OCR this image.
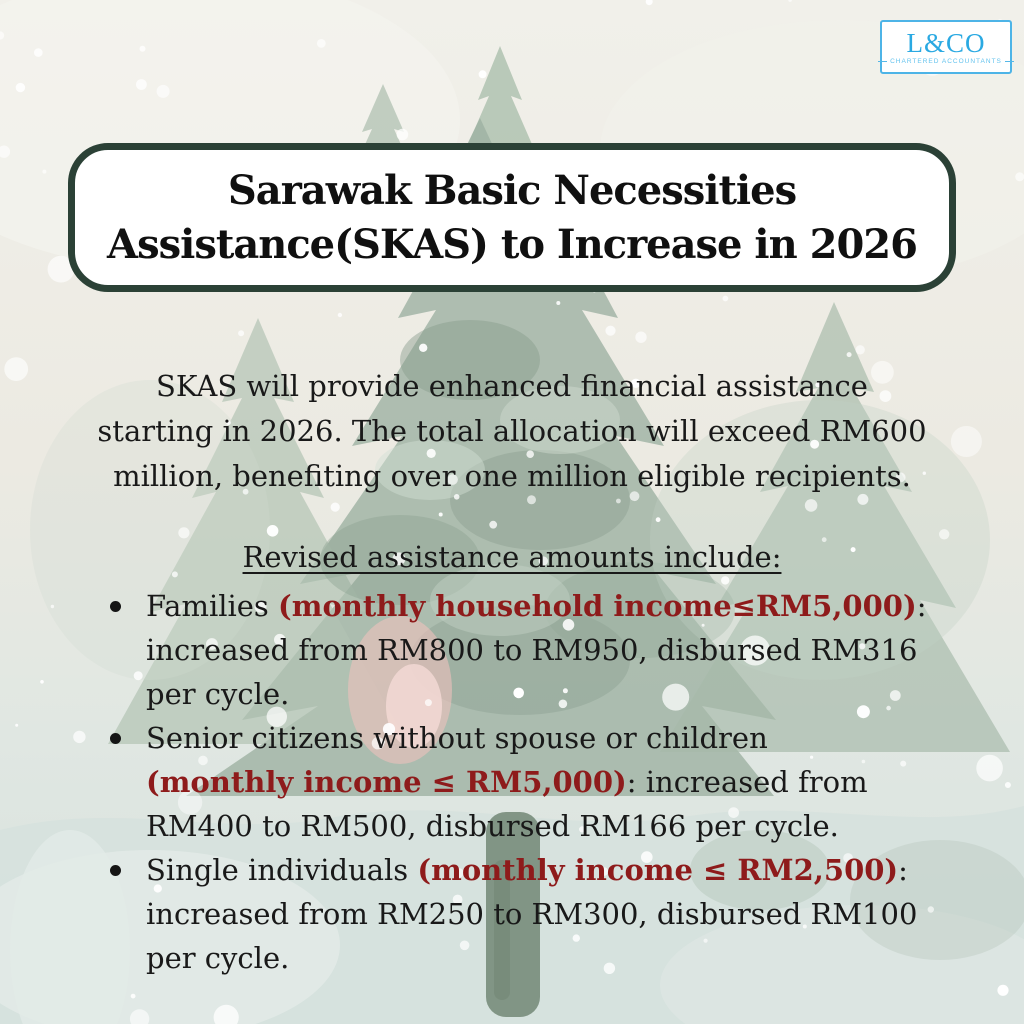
L&CO
CHARTERED ACCOUNTANTS
Sarawak Basic Necessities
Assistance(SKAS) to Increase in 2026
SKAS will provide enhanced financial assistance
starting in 2026. The total allocation will exceed RM600
million, benefiting over one million eligible recipients.
Revised assistance amounts include:
Families (monthly household income≤RM5,000):
increased from RM800 to RM950, disbursed RM316
per cycle.
Senior citizens without spouse or children
(monthly income ≤ RM5,000): increased from
RM400 to RM500, disbursed RM166 per cycle.
Single individuals (monthly income ≤ RM2,500):
increased from RM250 to RM300, disbursed RM100
per cycle.
